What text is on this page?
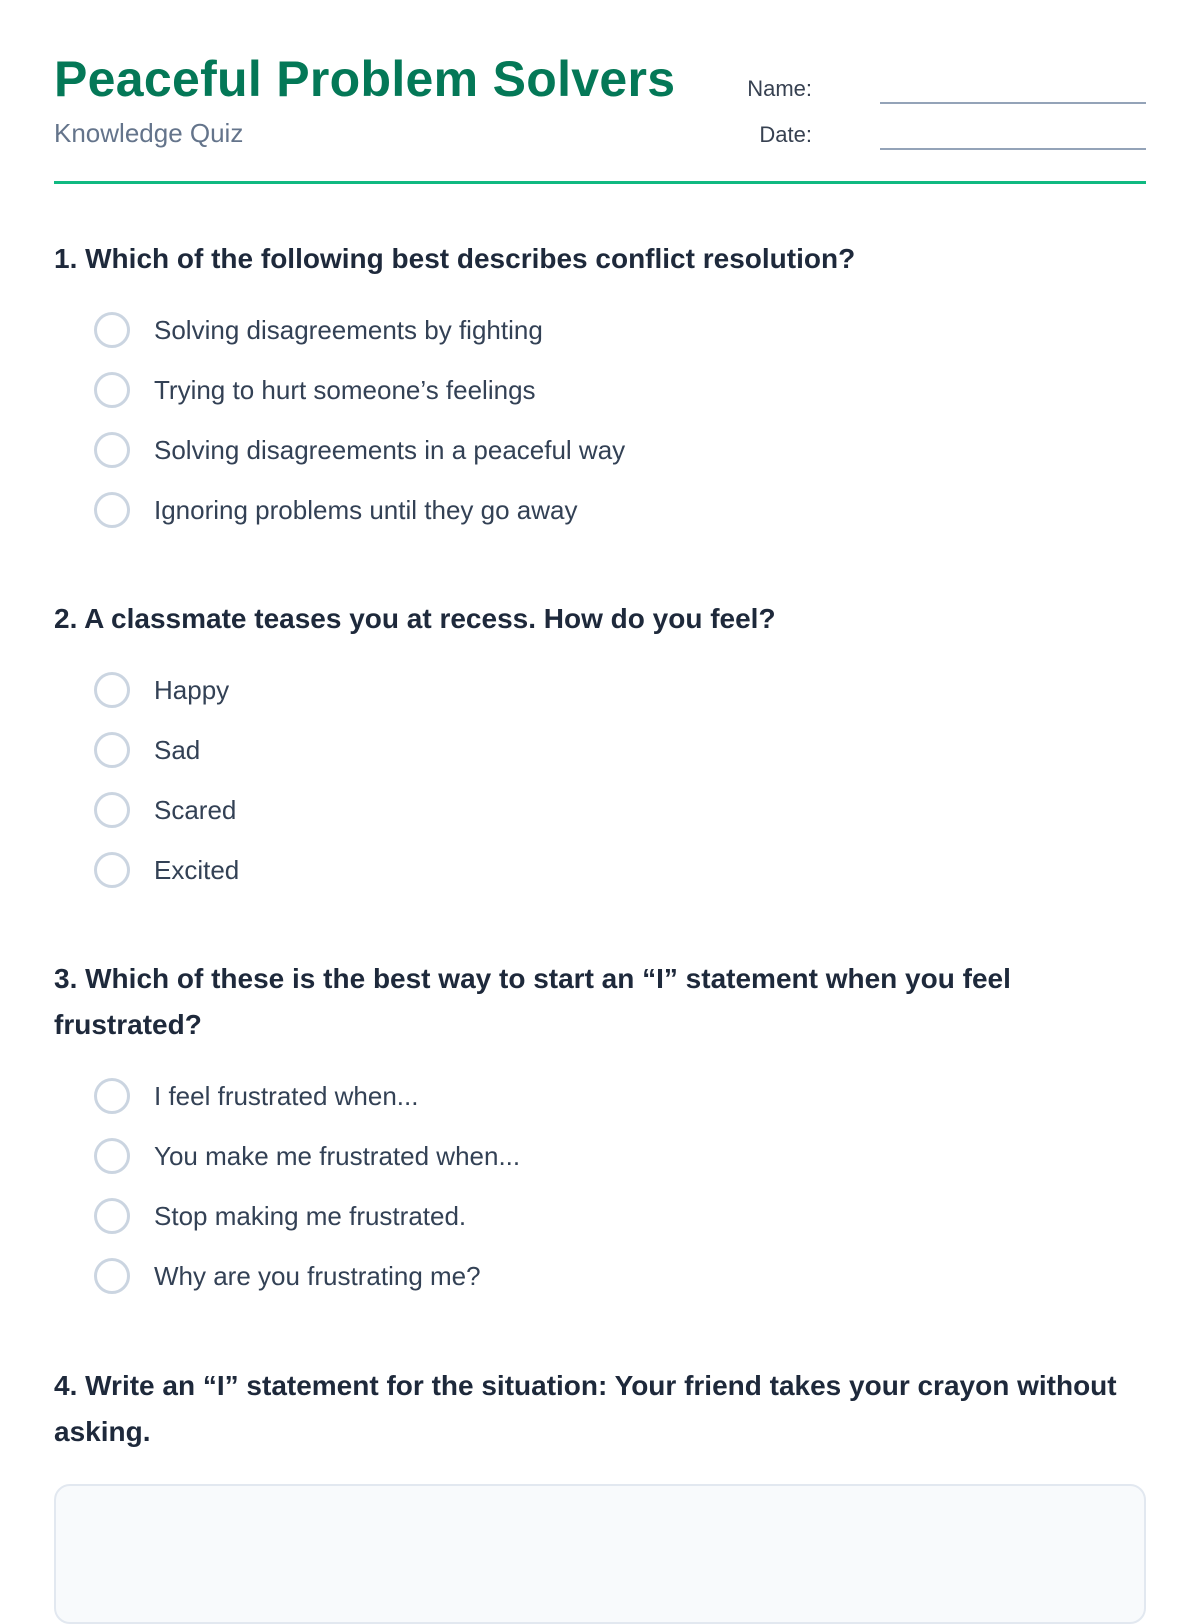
Peaceful Problem Solvers
Knowledge Quiz
Name:
Date:

1. Which of the following best describes conflict resolution?

Solving disagreements by fighting
Trying to hurt someone’s feelings
Solving disagreements in a peaceful way
Ignoring problems until they go away

2. A classmate teases you at recess. How do you feel?

Happy
Sad
Scared
Excited

3. Which of these is the best way to start an “I” statement when you feel frustrated?

I feel frustrated when...
You make me frustrated when...
Stop making me frustrated.
Why are you frustrating me?

4. Write an “I” statement for the situation: Your friend takes your crayon without asking.
